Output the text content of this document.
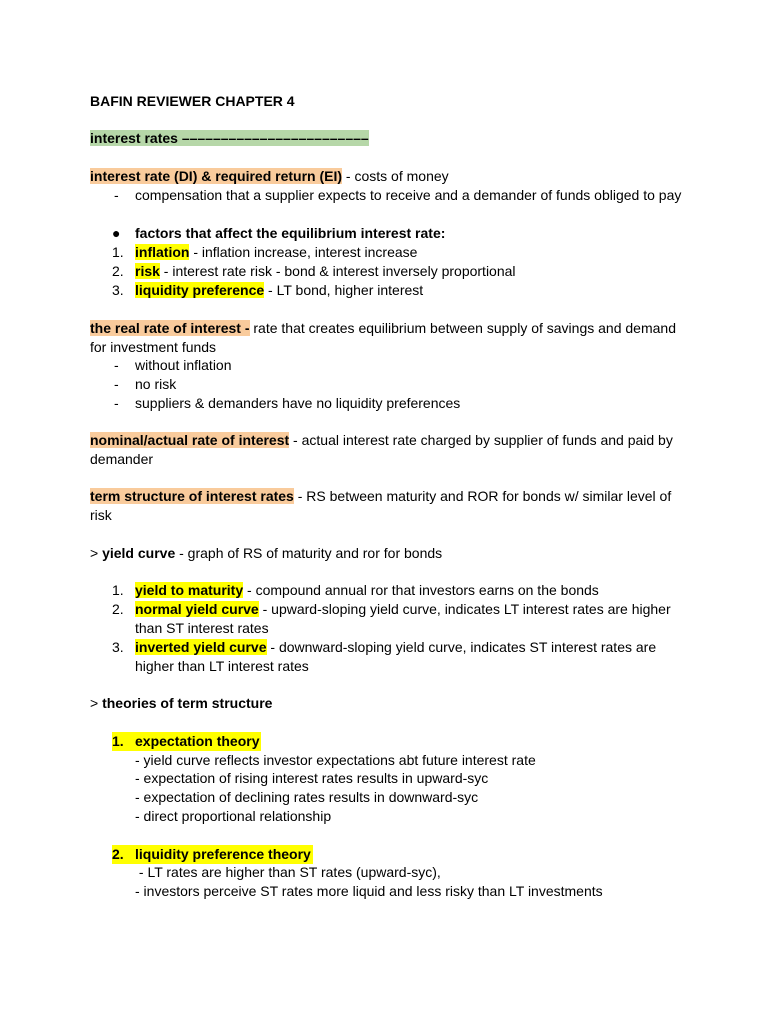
BAFIN REVIEWER CHAPTER 4
interest rates ––––––––––––––––––––––––
interest rate (DI) & required return (EI) - costs of money
- compensation that a supplier expects to receive and a demander of funds obliged to pay
● factors that affect the equilibrium interest rate:
1. inflation - inflation increase, interest increase
2. risk - interest rate risk - bond & interest inversely proportional
3. liquidity preference - LT bond, higher interest
the real rate of interest - rate that creates equilibrium between supply of savings and demand
for investment funds
- without inflation
- no risk
- suppliers & demanders have no liquidity preferences
nominal/actual rate of interest - actual interest rate charged by supplier of funds and paid by
demander
term structure of interest rates - RS between maturity and ROR for bonds w/ similar level of
risk
> yield curve - graph of RS of maturity and ror for bonds
1. yield to maturity - compound annual ror that investors earns on the bonds
2. normal yield curve - upward-sloping yield curve, indicates LT interest rates are higher
than ST interest rates
3. inverted yield curve - downward-sloping yield curve, indicates ST interest rates are
higher than LT interest rates
> theories of term structure
1. expectation theory
- yield curve reflects investor expectations abt future interest rate
- expectation of rising interest rates results in upward-syc
- expectation of declining rates results in downward-syc
- direct proportional relationship
2. liquidity preference theory
- LT rates are higher than ST rates (upward-syc),
- investors perceive ST rates more liquid and less risky than LT investments
